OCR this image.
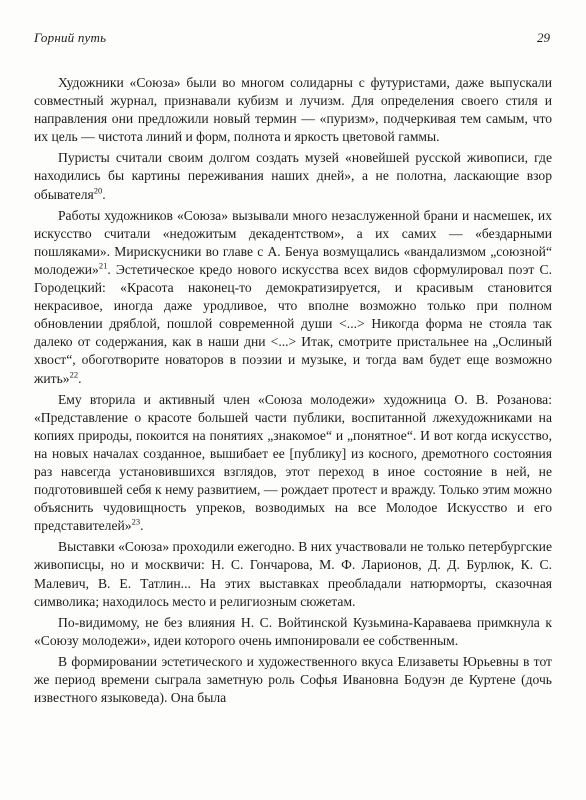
Горний путь	29

Художники «Союза» были во многом солидарны с футуристами, даже выпускали совместный журнал, признавали кубизм и лучизм. Для определения своего стиля и направления они предложили новый термин — «пуризм», подчеркивая тем самым, что их цель — чистота линий и форм, полнота и яркость цветовой гаммы.

Пуристы считали своим долгом создать музей «новейшей русской живописи, где находились бы картины переживания наших дней», а не полотна, ласкающие взор обывателя$^{20}$.

Работы художников «Союза» вызывали много незаслуженной брани и насмешек, их искусство считали «недожитым декадентством», а их самих — «бездарными пошляками». Мирискусники во главе с А. Бенуа возмущались «вандализмом „союзной“ молодежи»$^{21}$. Эстетическое кредо нового искусства всех видов сформулировал поэт С. Городецкий: «Красота наконец-то демократизируется, и красивым становится некрасивое, иногда даже уродливое, что вполне возможно только при полном обновлении дряблой, пошлой современной души <...> Никогда форма не стояла так далеко от содержания, как в наши дни <...> Итак, смотрите пристальнее на „Ослиный хвост“, обоготворите новаторов в поэзии и музыке, и тогда вам будет еще возможно жить»$^{22}$.

Ему вторила и активный член «Союза молодежи» художница О. В. Розанова: «Представление о красоте большей части публики, воспитанной лжехудожниками на копиях природы, покоится на понятиях „знакомое“ и „понятное“. И вот когда искусство, на новых началах созданное, вышибает ее [публику] из косного, дремотного состояния раз навсегда установившихся взглядов, этот переход в иное состояние в ней, не подготовившей себя к нему развитием, — рождает протест и вражду. Только этим можно объяснить чудовищность упреков, возводимых на все Молодое Искусство и его представителей»$^{23}$.

Выставки «Союза» проходили ежегодно. В них участвовали не только петербургские живописцы, но и москвичи: Н. С. Гончарова, М. Ф. Ларионов, Д. Д. Бурлюк, К. С. Малевич, В. Е. Татлин... На этих выставках преобладали натюрморты, сказочная символика; находилось место и религиозным сюжетам.

По-видимому, не без влияния Н. С. Войтинской Кузьмина-Караваева примкнула к «Союзу молодежи», идеи которого очень импонировали ее собственным.

В формировании эстетического и художественного вкуса Елизаветы Юрьевны в тот же период времени сыграла заметную роль Софья Ивановна Бодуэн де Куртене (дочь известного языковеда). Она была
